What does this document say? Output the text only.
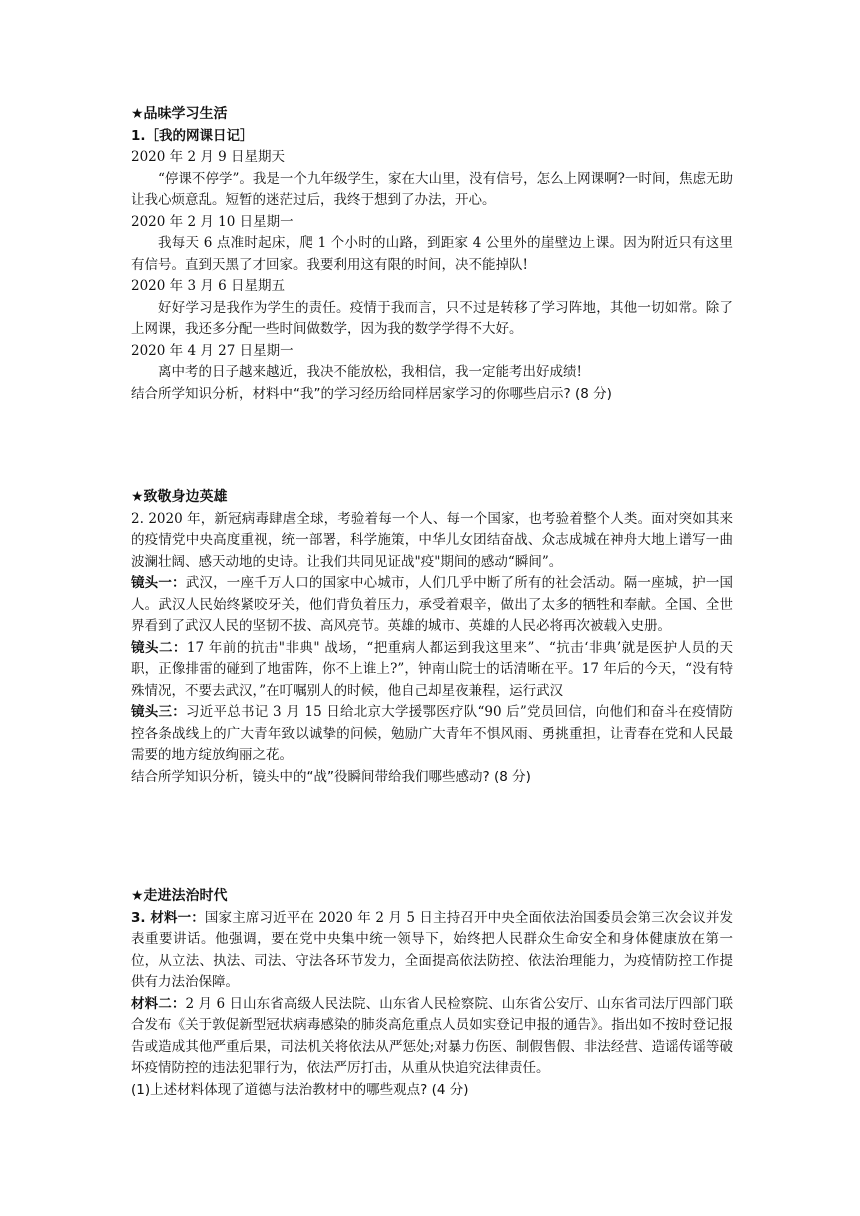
★品味学习生活
1.［我的网课日记］
2020 年 2 月 9 日星期天
“停课不停学”。我是一个九年级学生，家在大山里，没有信号，怎么上网课啊?一时间，焦虑无助让我心烦意乱。短暂的迷茫过后，我终于想到了办法，开心。
2020 年 2 月 10 日星期一
我每天 6 点准时起床，爬 1 个小时的山路，到距家 4 公里外的崖壁边上课。因为附近只有这里有信号。直到天黑了才回家。我要利用这有限的时间，决不能掉队!
2020 年 3 月 6 日星期五
好好学习是我作为学生的责任。疫情于我而言，只不过是转移了学习阵地，其他一切如常。除了上网课，我还多分配一些时间做数学，因为我的数学学得不大好。
2020 年 4 月 27 日星期一
离中考的日子越来越近，我决不能放松，我相信，我一定能考出好成绩!
结合所学知识分析，材料中“我”的学习经历给同样居家学习的你哪些启示? (8 分)
★致敬身边英雄
2. 2020 年，新冠病毒肆虐全球，考验着每一个人、每一个国家，也考验着整个人类。面对突如其来的疫情党中央高度重视，统一部署，科学施策，中华儿女团结奋战、众志成城在神舟大地上谱写一曲波澜壮阔、感天动地的史诗。让我们共同见证战"疫"期间的感动“瞬间”。
镜头一：武汉，一座千万人口的国家中心城市，人们几乎中断了所有的社会活动。隔一座城，护一国人。武汉人民始终紧咬牙关，他们背负着压力，承受着艰辛，做出了太多的牺牲和奉献。全国、全世界看到了武汉人民的坚韧不拔、高风亮节。英雄的城市、英雄的人民必将再次被载入史册。
镜头二：17 年前的抗击"非典" 战场，“把重病人都运到我这里来”、“抗击‘非典’就是医护人员的天职，正像排雷的碰到了地雷阵，你不上谁上?”，钟南山院士的话清晰在平。17 年后的今天，“没有特殊情况，不要去武汉，”在叮嘱别人的时候，他自己却星夜兼程，运行武汉
镜头三：习近平总书记 3 月 15 日给北京大学援鄂医疗队“90 后”党员回信，向他们和奋斗在疫情防控各条战线上的广大青年致以诚挚的问候，勉励广大青年不惧风雨、勇挑重担，让青春在党和人民最需要的地方绽放绚丽之花。
结合所学知识分析，镜头中的“战”役瞬间带给我们哪些感动? (8 分)
★走进法治时代
3. 材料一：国家主席习近平在 2020 年 2 月 5 日主持召开中央全面依法治国委员会第三次会议并发表重要讲话。他强调，要在党中央集中统一领导下，始终把人民群众生命安全和身体健康放在第一位，从立法、执法、司法、守法各环节发力，全面提高依法防控、依法治理能力，为疫情防控工作提供有力法治保障。
材料二：2 月 6 日山东省高级人民法院、山东省人民检察院、山东省公安厅、山东省司法厅四部门联合发布《关于敦促新型冠状病毒感染的肺炎高危重点人员如实登记申报的通告》。指出如不按时登记报告或造成其他严重后果，司法机关将依法从严惩处;对暴力伤医、制假售假、非法经营、造谣传谣等破坏疫情防控的违法犯罪行为，依法严厉打击，从重从快追究法律责任。
(1)上述材料体现了道德与法治教材中的哪些观点? (4 分)
